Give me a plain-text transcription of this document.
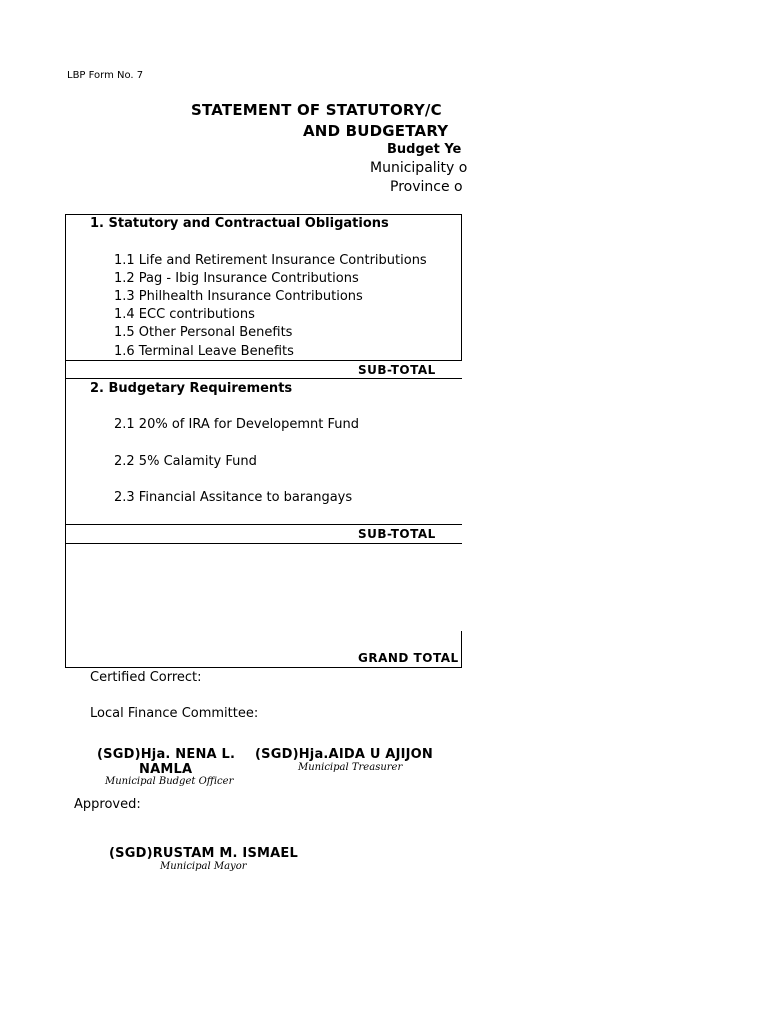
LBP Form No. 7
STATEMENT OF STATUTORY/C
AND BUDGETARY
Budget Ye
Municipality o
Province o
1. Statutory and Contractual Obligations
1.1 Life and Retirement Insurance Contributions
1.2 Pag - Ibig Insurance Contributions
1.3 Philhealth Insurance Contributions
1.4 ECC contributions
1.5 Other Personal Benefits
1.6 Terminal Leave Benefits
SUB-TOTAL
2. Budgetary Requirements
2.1 20% of IRA for Developemnt Fund
2.2 5% Calamity Fund
2.3 Financial Assitance to barangays
SUB-TOTAL
GRAND TOTAL
Certified Correct:
Local Finance Committee:
(SGD)Hja. NENA L.
NAMLA
Municipal Budget Officer
(SGD)Hja.AIDA U AJIJON
Municipal Treasurer
Approved:
(SGD)RUSTAM M. ISMAEL
Municipal Mayor
